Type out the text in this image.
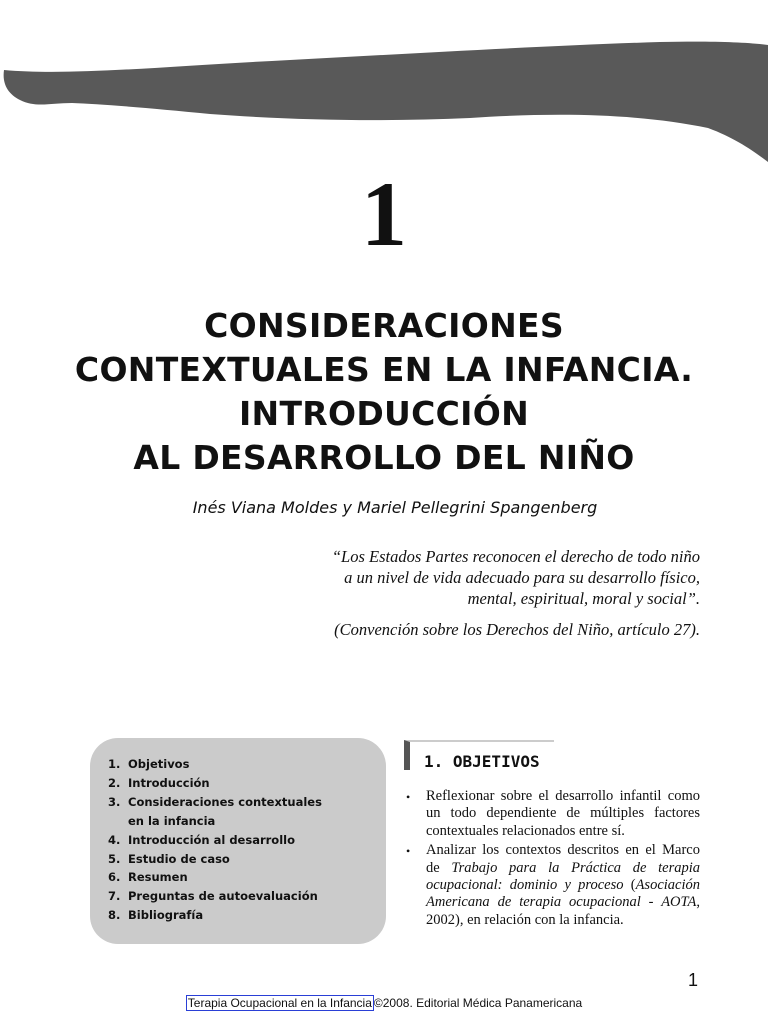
1
CONSIDERACIONES
CONTEXTUALES EN LA INFANCIA.
INTRODUCCIÓN
AL DESARROLLO DEL NIÑO
Inés Viana Moldes y Mariel Pellegrini Spangenberg
“Los Estados Partes reconocen el derecho de todo niño
a un nivel de vida adecuado para su desarrollo físico,
mental, espiritual, moral y social”.
(Convención sobre los Derechos del Niño, artículo 27).
1. Objetivos
2. Introducción
3. Consideraciones contextuales en la infancia
4. Introducción al desarrollo
5. Estudio de caso
6. Resumen
7. Preguntas de autoevaluación
8. Bibliografía
1. OBJETIVOS
•	Reflexionar sobre el desarrollo infantil como un todo dependiente de múltiples factores contextuales relacionados entre sí.
•	Analizar los contextos descritos en el Marco de Trabajo para la Práctica de terapia ocupacional: dominio y proceso (Asociación Americana de terapia ocupacional - AOTA, 2002), en relación con la infancia.
1
Terapia Ocupacional en la Infancia ©2008. Editorial Médica Panamericana
